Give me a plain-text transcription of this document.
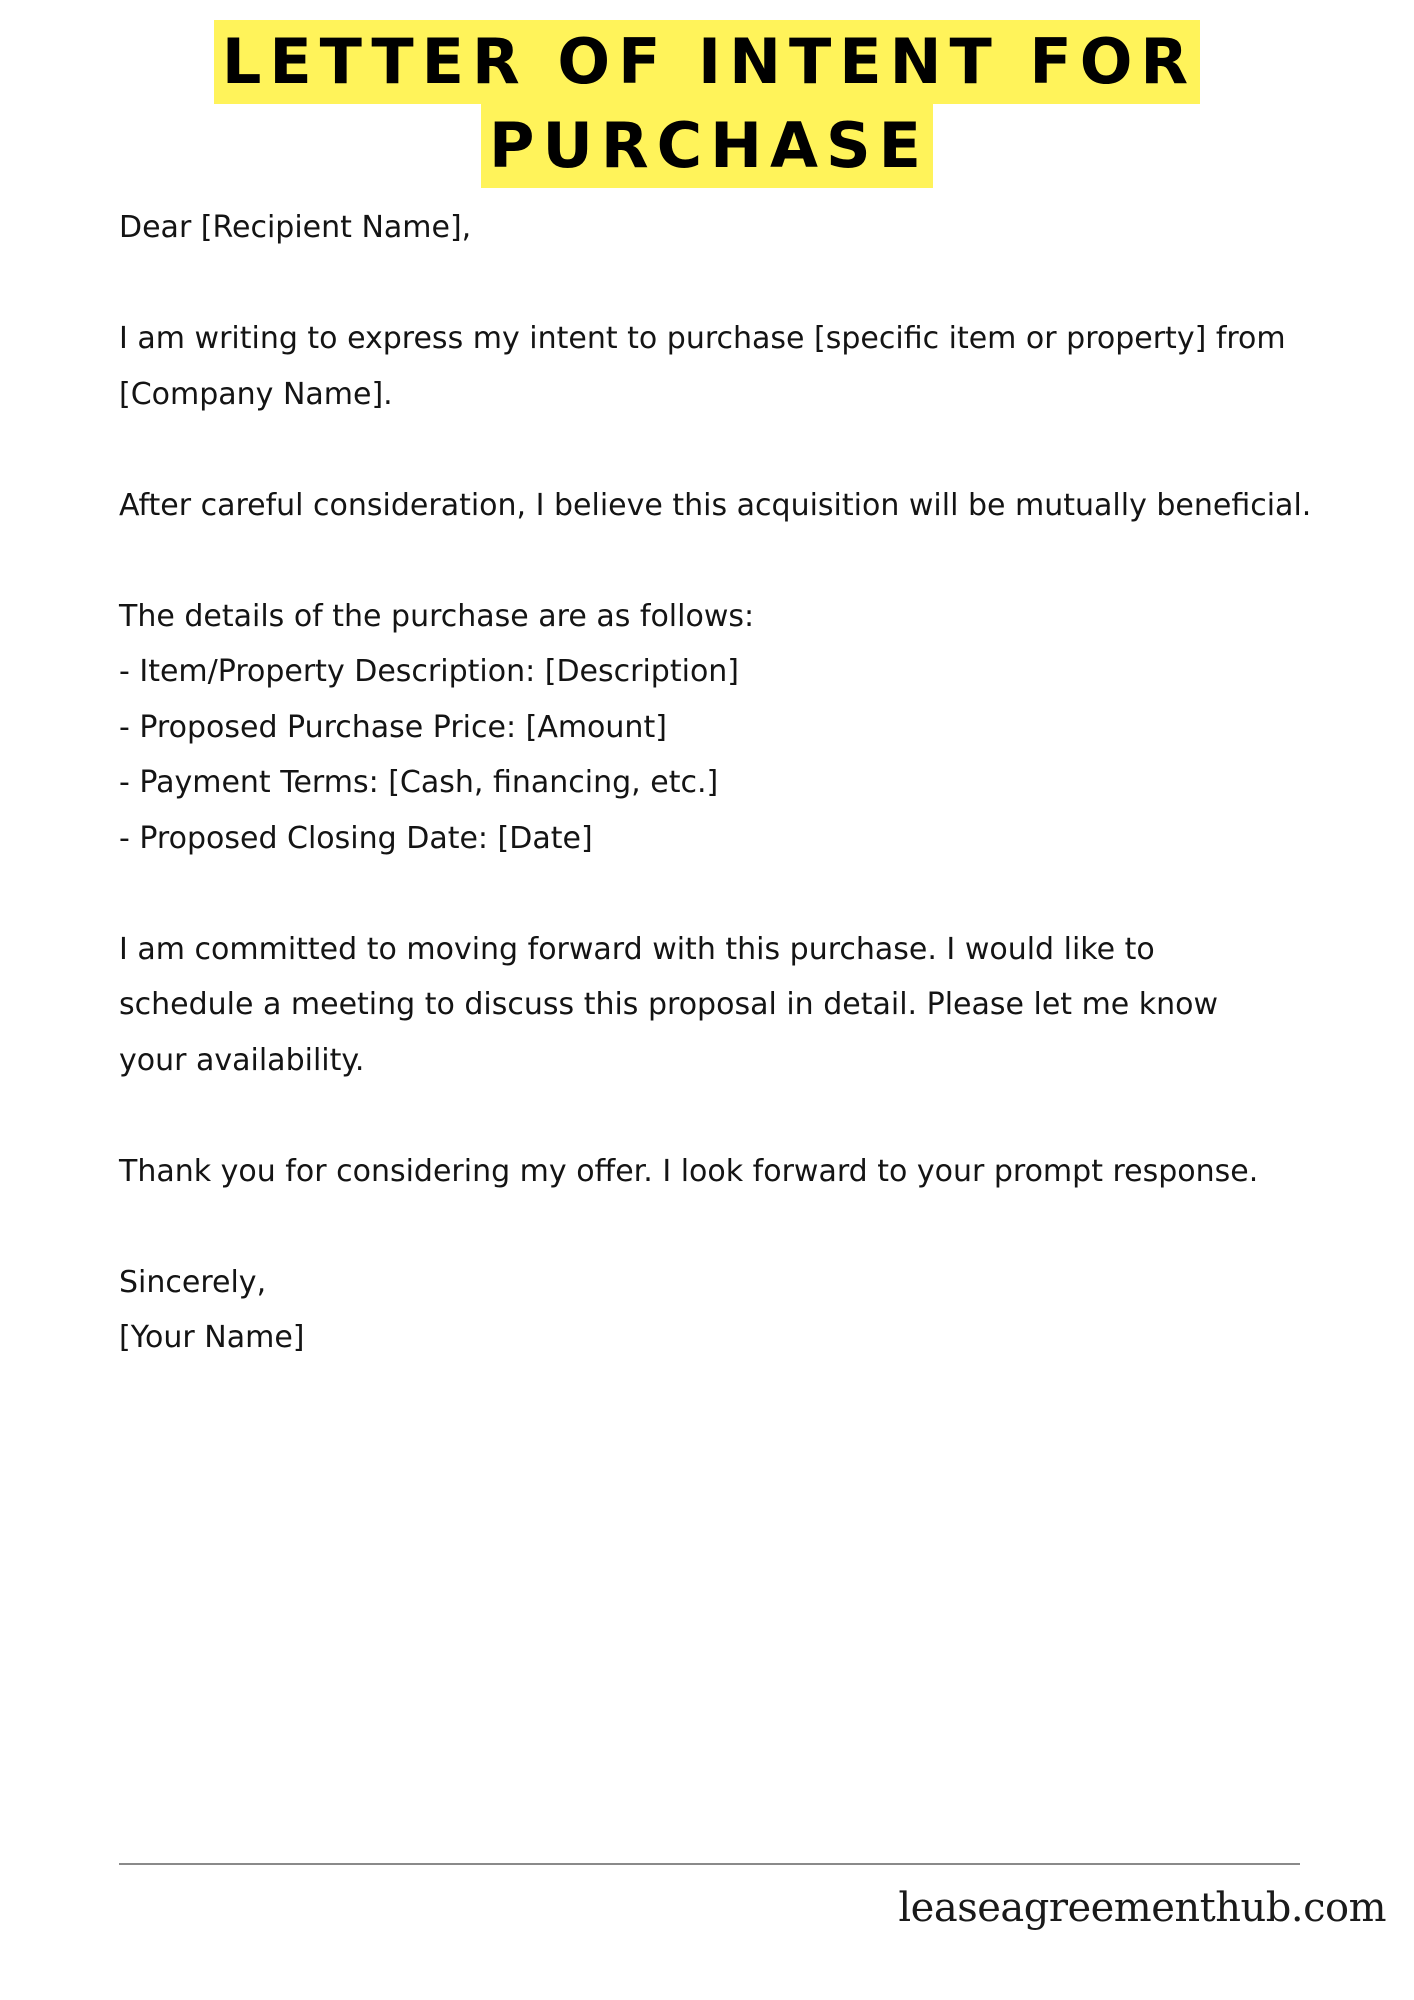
LETTER OF INTENT FOR
PURCHASE

Dear [Recipient Name],

I am writing to express my intent to purchase [specific item or property] from [Company Name].

After careful consideration, I believe this acquisition will be mutually beneficial.

The details of the purchase are as follows:

- Item/Property Description: [Description]
- Proposed Purchase Price: [Amount]
- Payment Terms: [Cash, financing, etc.]
- Proposed Closing Date: [Date]

I am committed to moving forward with this purchase. I would like to schedule a meeting to discuss this proposal in detail. Please let me know your availability.

Thank you for considering my offer. I look forward to your prompt response.

Sincerely,

[Your Name]

leaseagreementhub.com
